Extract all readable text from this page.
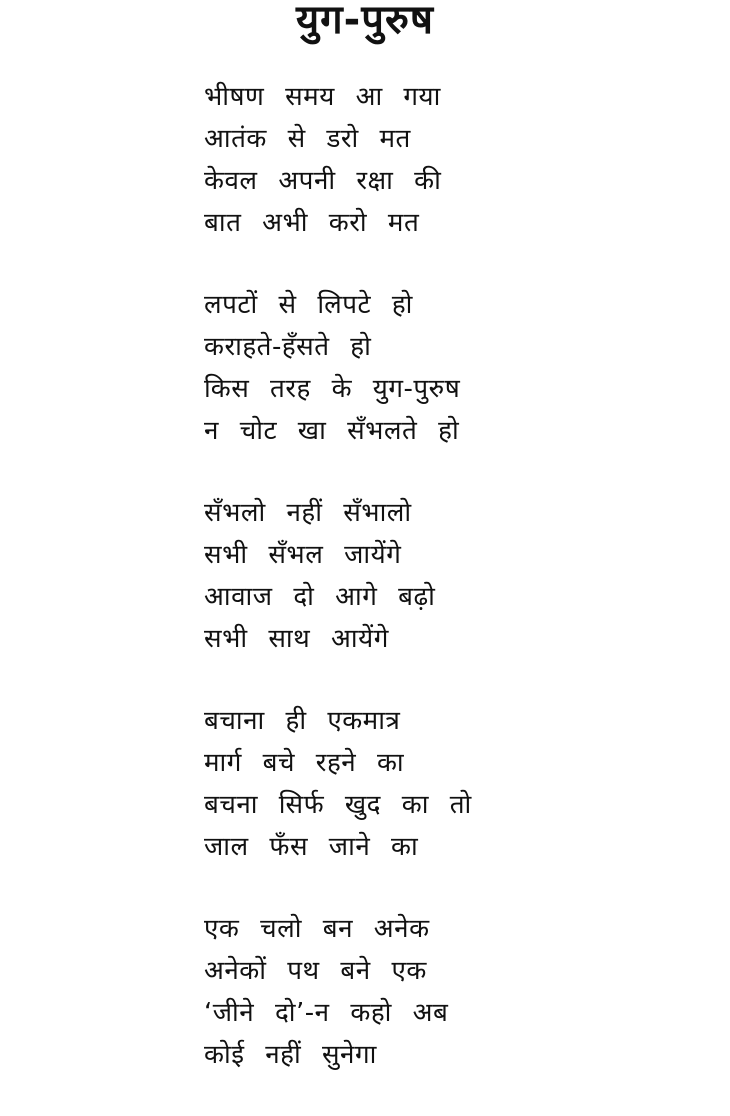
युग-पुरुष
भीषण समय आ गया
आतंक से डरो मत
केवल अपनी रक्षा की
बात अभी करो मत
लपटों से लिपटे हो
कराहते-हँसते हो
किस तरह के युग-पुरुष
न चोट खा सँभलते हो
सँभलो नहीं सँभालो
सभी सँभल जायेंगे
आवाज दो आगे बढ़ो
सभी साथ आयेंगे
बचाना ही एकमात्र
मार्ग बचे रहने का
बचना सिर्फ खुद का तो
जाल फँस जाने का
एक चलो बन अनेक
अनेकों पथ बने एक
‘जीने दो’-न कहो अब
कोई नहीं सुनेगा
